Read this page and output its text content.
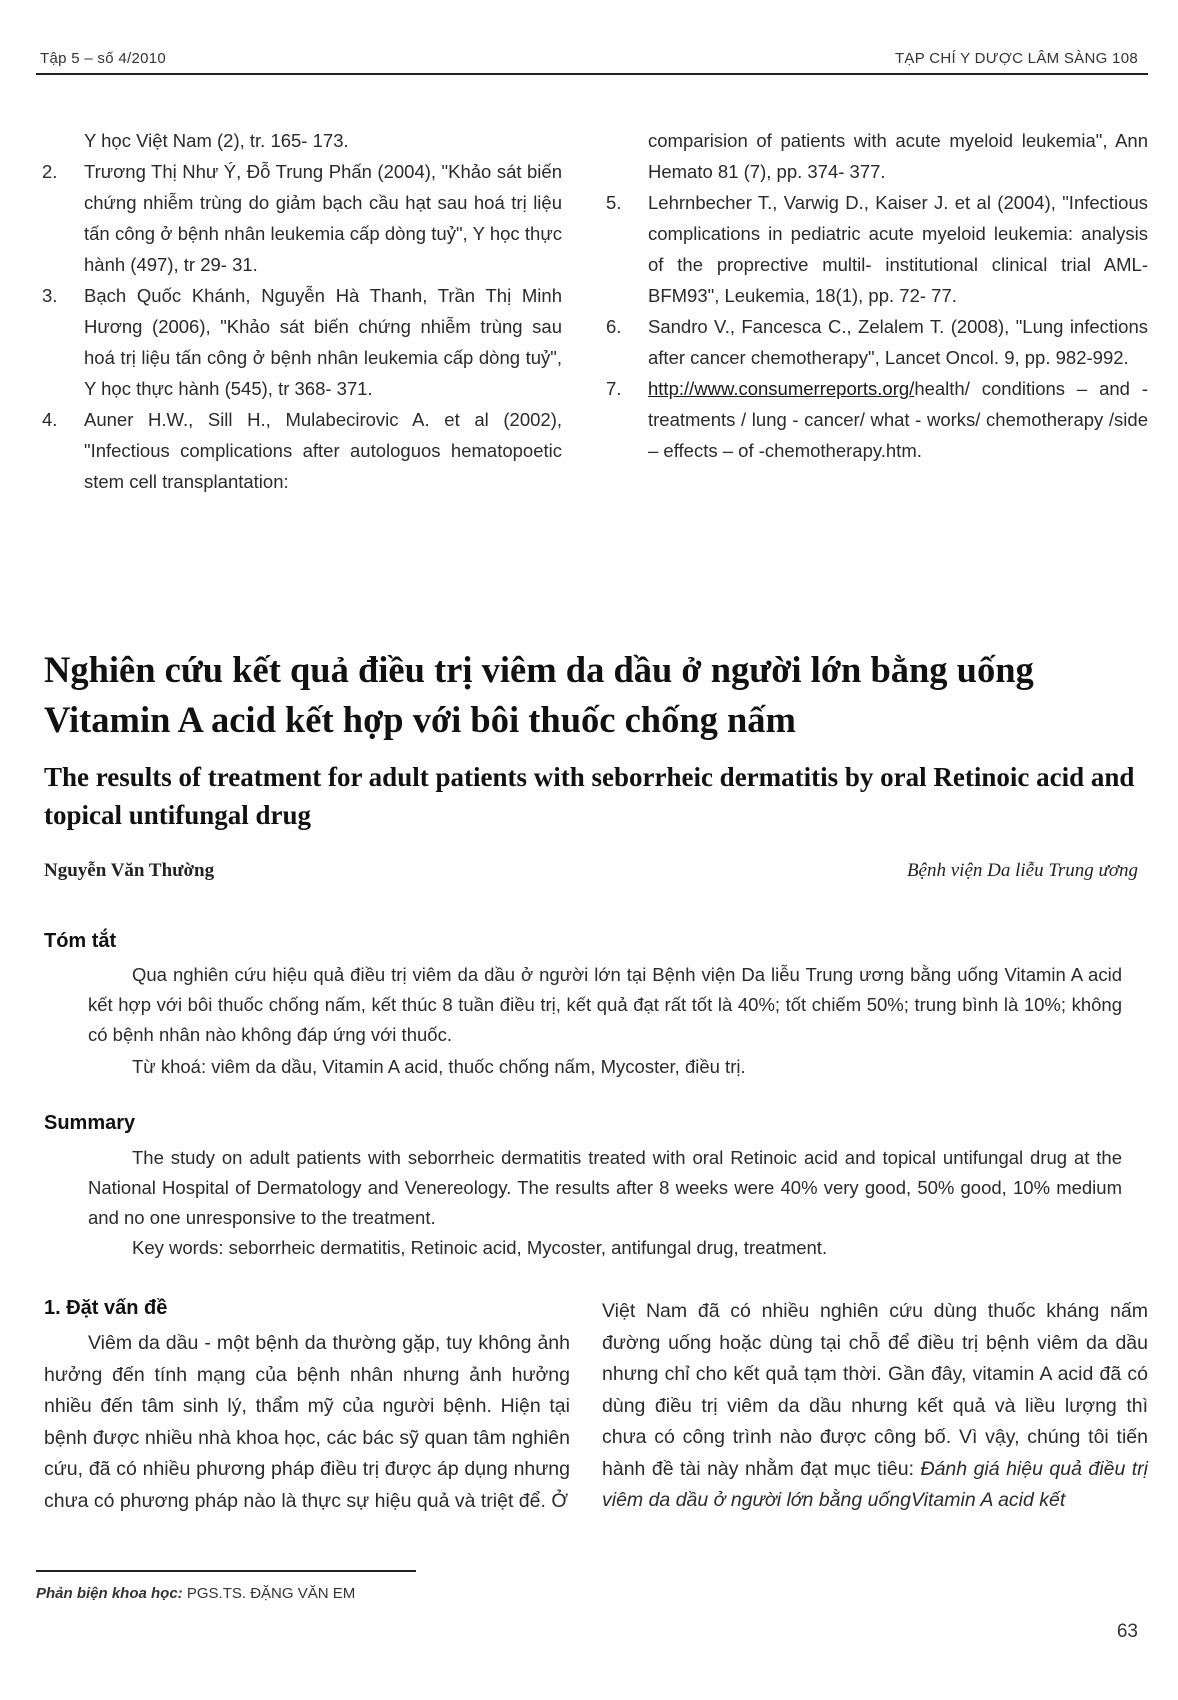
Tập 5 – số 4/2010	TẠP CHÍ Y DƯỢC LÂM SÀNG 108

Y học Việt Nam (2), tr. 165- 173.

2.	Trương Thị Như Ý, Đỗ Trung Phấn (2004), "Khảo sát biến chứng nhiễm trùng do giảm bạch cầu hạt sau hoá trị liệu tấn công ở bệnh nhân leukemia cấp dòng tuỷ", Y học thực hành (497), tr 29- 31.

3.	Bạch Quốc Khánh, Nguyễn Hà Thanh, Trần Thị Minh Hương (2006), "Khảo sát biến chứng nhiễm trùng sau hoá trị liệu tấn công ở bệnh nhân leukemia cấp dòng tuỷ", Y học thực hành (545), tr 368- 371.

4.	Auner H.W., Sill H., Mulabecirovic A. et al (2002), "Infectious complications after autologuos hematopoetic stem cell transplantation:

comparision of patients with acute myeloid leukemia", Ann Hemato 81 (7), pp. 374- 377.

5.	Lehrnbecher T., Varwig D., Kaiser J. et al (2004), "Infectious complications in pediatric acute myeloid leukemia: analysis of the proprective multil- institutional clinical trial AML- BFM93", Leukemia, 18(1), pp. 72- 77.

6.	Sandro V., Fancesca C., Zelalem T. (2008), "Lung infections after cancer chemotherapy", Lancet Oncol. 9, pp. 982-992.

7.	http://www.consumerreports.org/health/ conditions – and - treatments / lung - cancer/ what - works/ chemotherapy /side – effects – of -chemotherapy.htm.

Nghiên cứu kết quả điều trị viêm da dầu ở người lớn bằng uống Vitamin A acid kết hợp với bôi thuốc chống nấm
The results of treatment for adult patients with seborrheic dermatitis by oral Retinoic acid and topical untifungal drug
Nguyễn Văn Thường	Bệnh viện Da liễu Trung ương
Tóm tắt

Qua nghiên cứu hiệu quả điều trị viêm da dầu ở người lớn tại Bệnh viện Da liễu Trung ương bằng uống Vitamin A acid kết hợp với bôi thuốc chống nấm, kết thúc 8 tuần điều trị, kết quả đạt rất tốt là 40%; tốt chiếm 50%; trung bình là 10%; không có bệnh nhân nào không đáp ứng với thuốc.

Từ khoá: viêm da dầu, Vitamin A acid, thuốc chống nấm, Mycoster, điều trị.

Summary

The study on adult patients with seborrheic dermatitis treated with oral Retinoic acid and topical untifungal drug at the National Hospital of Dermatology and Venereology. The results after 8 weeks were 40% very good, 50% good, 10% medium and no one unresponsive to the treatment.

Key words: seborrheic dermatitis, Retinoic acid, Mycoster, antifungal drug, treatment.

1. Đặt vấn đề

Viêm da dầu - một bệnh da thường gặp, tuy không ảnh hưởng đến tính mạng của bệnh nhân nhưng ảnh hưởng nhiều đến tâm sinh lý, thẩm mỹ của người bệnh. Hiện tại bệnh được nhiều nhà khoa học, các bác sỹ quan tâm nghiên cứu, đã có nhiều phương pháp điều trị được áp dụng nhưng chưa có phương pháp nào là thực sự hiệu quả và triệt để. Ở

Việt Nam đã có nhiều nghiên cứu dùng thuốc kháng nấm đường uống hoặc dùng tại chỗ để điều trị bệnh viêm da dầu nhưng chỉ cho kết quả tạm thời. Gần đây, vitamin A acid đã có dùng điều trị viêm da dầu nhưng kết quả và liều lượng thì chưa có công trình nào được công bố. Vì vậy, chúng tôi tiến hành đề tài này nhằm đạt mục tiêu: Đánh giá hiệu quả điều trị viêm da dầu ở người lớn bằng uốngVitamin A acid kết

Phản biện khoa học: PGS.TS. ĐẶNG VĂN EM
63
